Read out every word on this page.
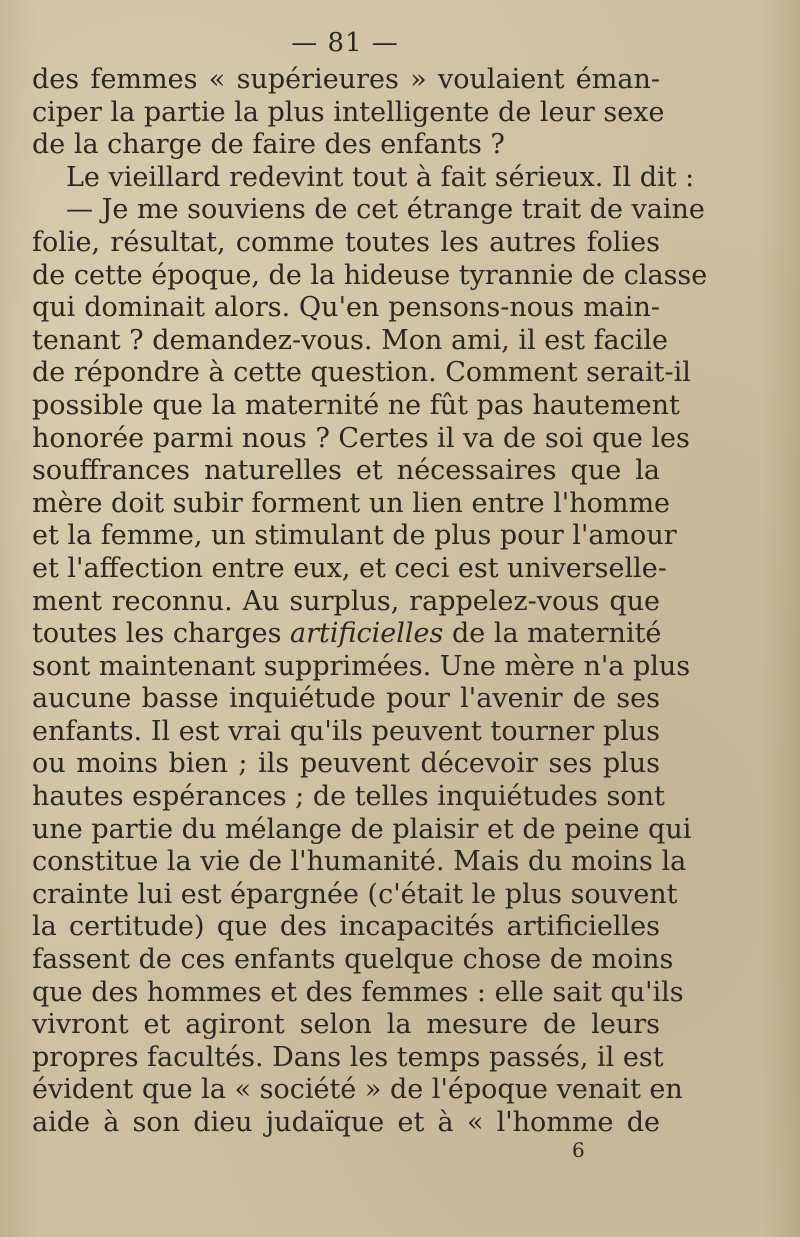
— 81 —
des femmes « supérieures » voulaient éman-
ciper la partie la plus intelligente de leur sexe
de la charge de faire des enfants ?
Le vieillard redevint tout à fait sérieux. Il dit :
— Je me souviens de cet étrange trait de vaine
folie, résultat, comme toutes les autres folies
de cette époque, de la hideuse tyrannie de classe
qui dominait alors. Qu'en pensons-nous main-
tenant ? demandez-vous. Mon ami, il est facile
de répondre à cette question. Comment serait-il
possible que la maternité ne fût pas hautement
honorée parmi nous ? Certes il va de soi que les
souffrances naturelles et nécessaires que la
mère doit subir forment un lien entre l'homme
et la femme, un stimulant de plus pour l'amour
et l'affection entre eux, et ceci est universelle-
ment reconnu. Au surplus, rappelez-vous que
toutes les charges artificielles de la maternité
sont maintenant supprimées. Une mère n'a plus
aucune basse inquiétude pour l'avenir de ses
enfants. Il est vrai qu'ils peuvent tourner plus
ou moins bien ; ils peuvent décevoir ses plus
hautes espérances ; de telles inquiétudes sont
une partie du mélange de plaisir et de peine qui
constitue la vie de l'humanité. Mais du moins la
crainte lui est épargnée (c'était le plus souvent
la certitude) que des incapacités artificielles
fassent de ces enfants quelque chose de moins
que des hommes et des femmes : elle sait qu'ils
vivront et agiront selon la mesure de leurs
propres facultés. Dans les temps passés, il est
évident que la « société » de l'époque venait en
aide à son dieu judaïque et à « l'homme de
6
